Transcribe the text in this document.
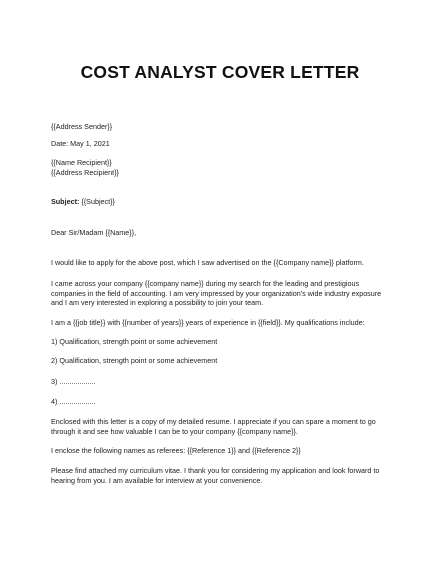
COST ANALYST COVER LETTER
{{Address Sender}}
Date: May 1, 2021
{{Name Recipient}}
{{Address Recipient}}
Subject: {{Subject}}
Dear Sir/Madam {{Name}},
I would like to apply for the above post, which I saw advertised on the {{Company name}} platform.
I came across your company {{company name}} during my search for the leading and prestigious
companies in the field of accounting. I am very impressed by your organization's wide industry exposure
and I am very interested in exploring a possibility to join your team.
I am a {{job title}} with {{number of years}} years of experience in {{field}}. My qualifications include:
1) Qualification, strength point or some achievement
2) Qualification, strength point or some achievement
3) ..................
4) ..................
Enclosed with this letter is a copy of my detailed resume. I appreciate if you can spare a moment to go
through it and see how valuable I can be to your company {{company name}}.
I enclose the following names as referees: {{Reference 1}} and {{Reference 2}}
Please find attached my curriculum vitae. I thank you for considering my application and look forward to
hearing from you. I am available for interview at your convenience.
